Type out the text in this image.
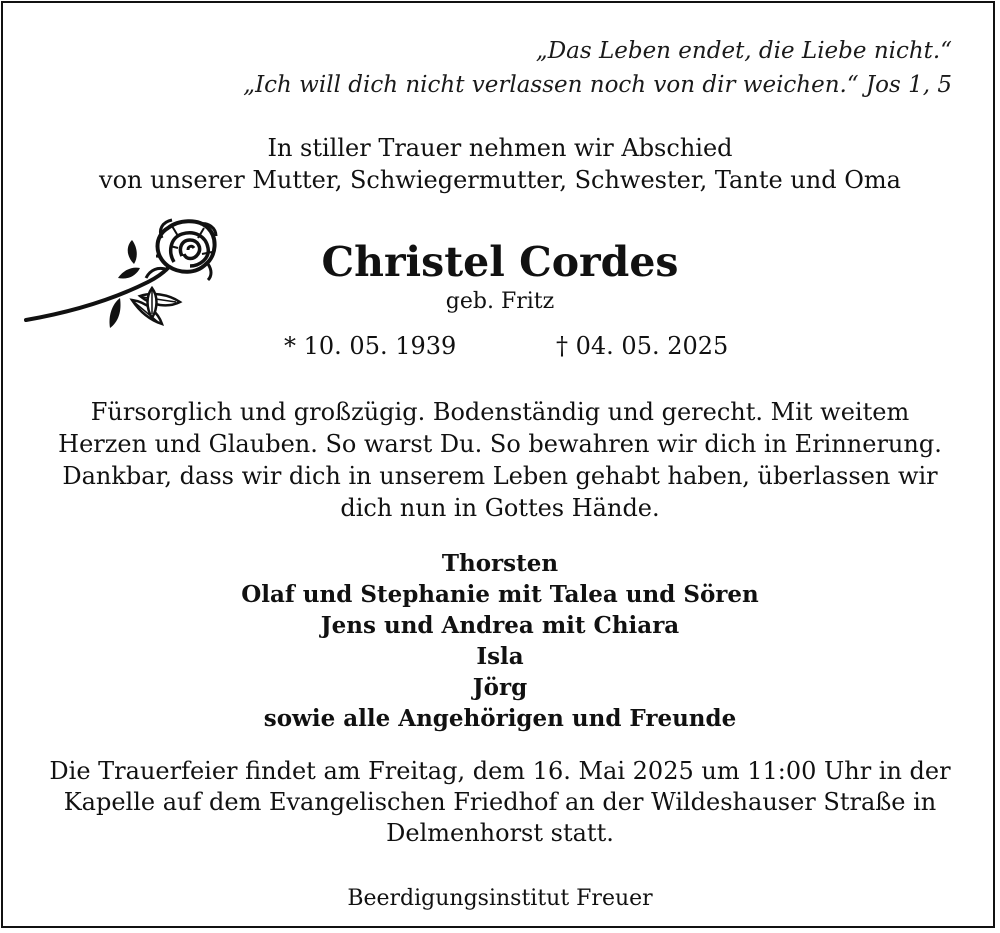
„Das Leben endet, die Liebe nicht.“
„Ich will dich nicht verlassen noch von dir weichen.“ Jos 1, 5
In stiller Trauer nehmen wir Abschied
von unserer Mutter, Schwiegermutter, Schwester, Tante und Oma
Christel Cordes
geb. Fritz
* 10. 05. 1939	† 04. 05. 2025
Fürsorglich und großzügig. Bodenständig und gerecht. Mit weitem
Herzen und Glauben. So warst Du. So bewahren wir dich in Erinnerung.
Dankbar, dass wir dich in unserem Leben gehabt haben, überlassen wir
dich nun in Gottes Hände.
Thorsten
Olaf und Stephanie mit Talea und Sören
Jens und Andrea mit Chiara
Isla
Jörg
sowie alle Angehörigen und Freunde
Die Trauerfeier findet am Freitag, dem 16. Mai 2025 um 11:00 Uhr in der
Kapelle auf dem Evangelischen Friedhof an der Wildeshauser Straße in
Delmenhorst statt.
Beerdigungsinstitut Freuer
